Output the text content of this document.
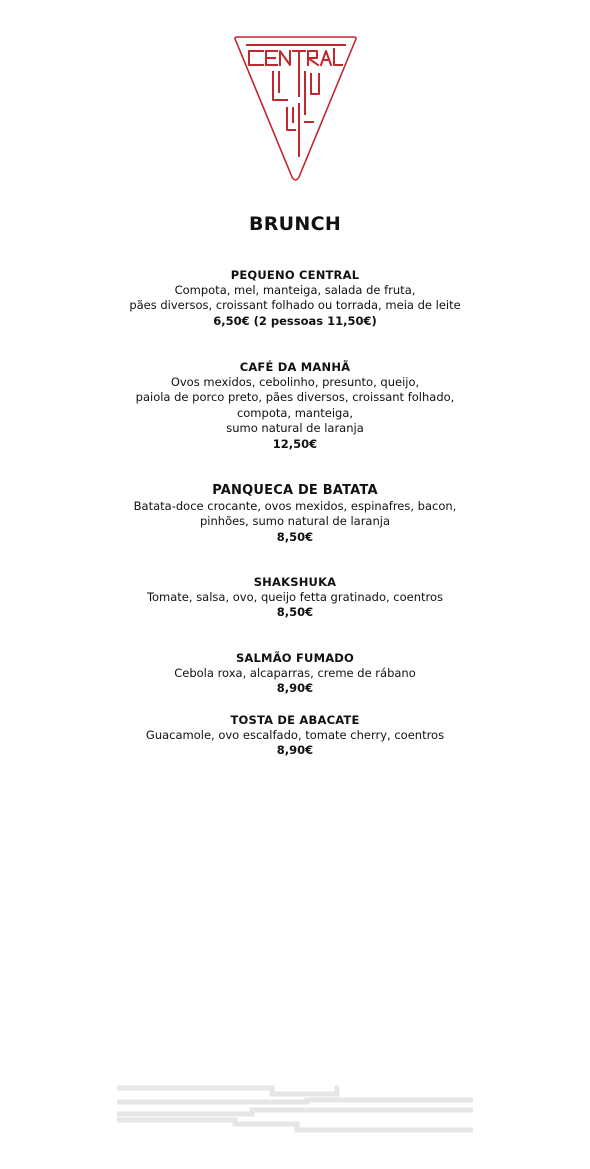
BRUNCH
PEQUENO CENTRAL
Compota, mel, manteiga, salada de fruta,
pães diversos, croissant folhado ou torrada, meia de leite
6,50€ (2 pessoas 11,50€)
CAFÉ DA MANHÃ
Ovos mexidos, cebolinho, presunto, queijo,
paiola de porco preto, pães diversos, croissant folhado,
compota, manteiga,
sumo natural de laranja
12,50€
PANQUECA DE BATATA
Batata-doce crocante, ovos mexidos, espinafres, bacon,
pinhões, sumo natural de laranja
8,50€
SHAKSHUKA
Tomate, salsa, ovo, queijo fetta gratinado, coentros
8,50€
SALMÃO FUMADO
Cebola roxa, alcaparras, creme de rábano
8,90€
TOSTA DE ABACATE
Guacamole, ovo escalfado, tomate cherry, coentros
8,90€
